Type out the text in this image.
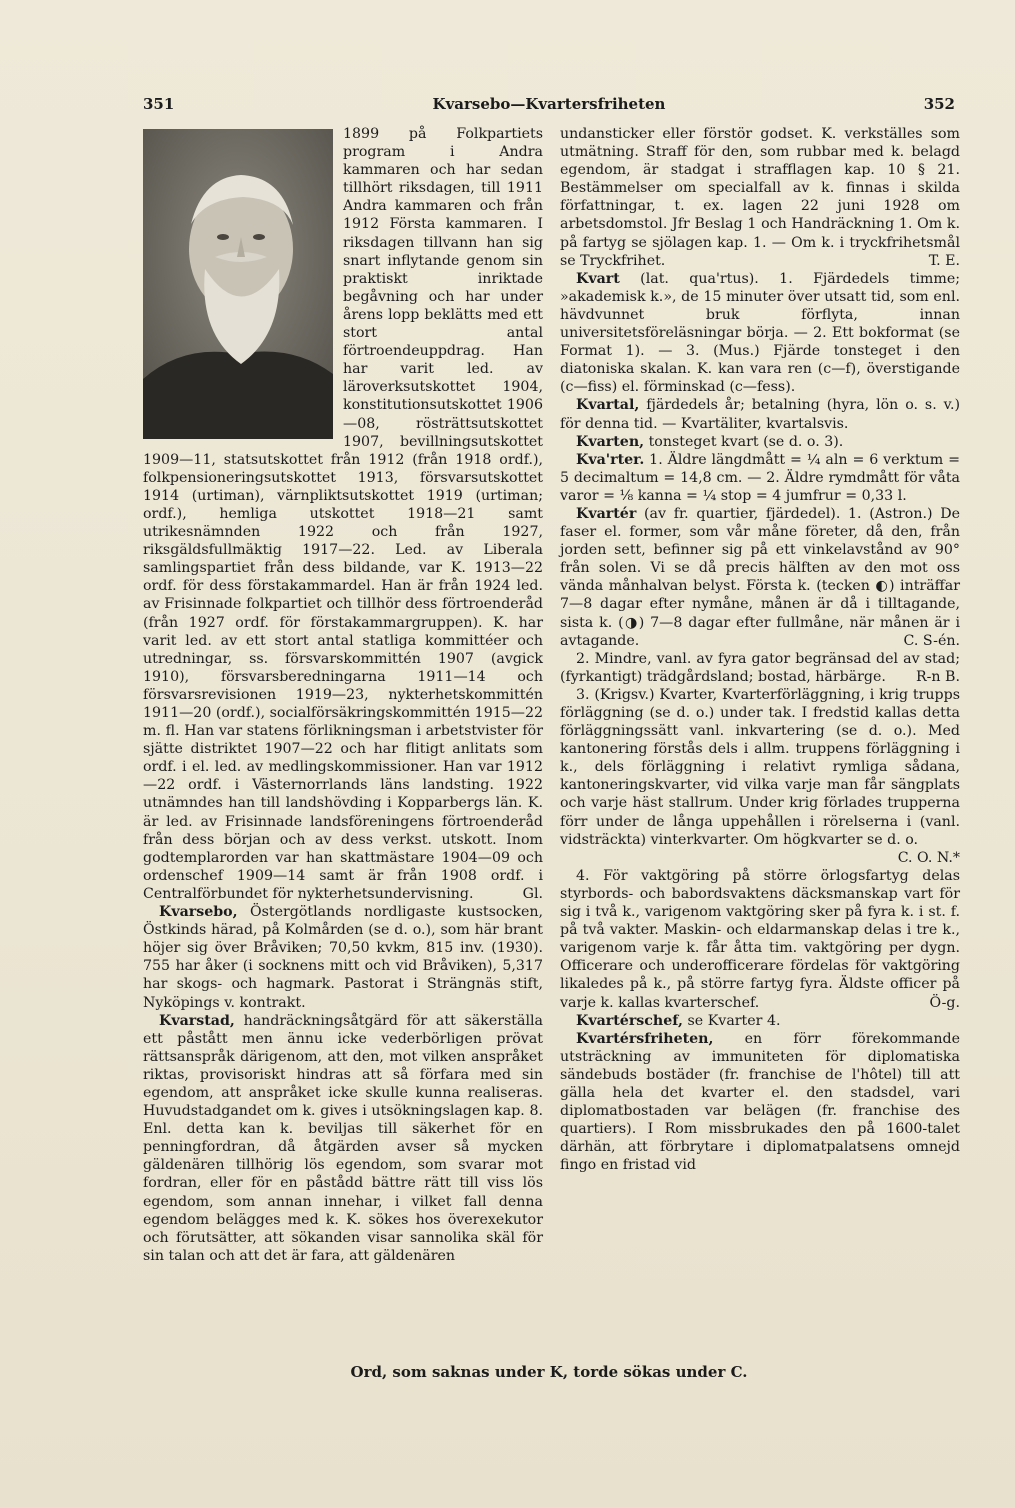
351	Kvarsebo—Kvartersfriheten	352

1899 på Folkpartiets program i Andra kammaren och har sedan tillhört riksdagen, till 1911 Andra kammaren och från 1912 Första kammaren. I riksdagen tillvann han sig snart inflytande genom sin praktiskt inriktade begåvning och har under årens lopp beklätts med ett stort antal förtroendeuppdrag. Han har varit led. av läroverksutskottet 1904, konstitutionsutskottet 1906—08, rösträttsutskottet 1907, bevillningsutskottet 1909—11, statsutskottet från 1912 (från 1918 ordf.), folkpensioneringsutskottet 1913, försvarsutskottet 1914 (urtiman), värnpliktsutskottet 1919 (urtiman; ordf.), hemliga utskottet 1918—21 samt utrikesnämnden 1922 och från 1927, riksgäldsfullmäktig 1917—22. Led. av Liberala samlingspartiet från dess bildande, var K. 1913—22 ordf. för dess förstakammardel. Han är från 1924 led. av Frisinnade folkpartiet och tillhör dess förtroenderåd (från 1927 ordf. för förstakammargruppen). K. har varit led. av ett stort antal statliga kommittéer och utredningar, ss. försvarskommittén 1907 (avgick 1910), försvarsberedningarna 1911—14 och försvarsrevisionen 1919—23, nykterhetskommittén 1911—20 (ordf.), socialförsäkringskommittén 1915—22 m. fl. Han var statens förlikningsman i arbetstvister för sjätte distriktet 1907—22 och har flitigt anlitats som ordf. i el. led. av medlingskommissioner. Han var 1912—22 ordf. i Västernorrlands läns landsting. 1922 utnämndes han till landshövding i Kopparbergs län. K. är led. av Frisinnade landsföreningens förtroenderåd från dess början och av dess verkst. utskott. Inom godtemplarorden var han skattmästare 1904—09 och ordenschef 1909—14 samt är från 1908 ordf. i Centralförbundet för nykterhetsundervisning.	Gl.

Kvarsebo, Östergötlands nordligaste kustsocken, Östkinds härad, på Kolmården (se d. o.), som här brant höjer sig över Bråviken; 70,50 kvkm, 815 inv. (1930). 755 har åker (i socknens mitt och vid Bråviken), 5,317 har skogs- och hagmark. Pastorat i Strängnäs stift, Nyköpings v. kontrakt.

Kvarstad, handräckningsåtgärd för att säkerställa ett påstått men ännu icke vederbörligen prövat rättsanspråk därigenom, att den, mot vilken anspråket riktas, provisoriskt hindras att så förfara med sin egendom, att anspråket icke skulle kunna realiseras. Huvudstadgandet om k. gives i utsökningslagen kap. 8. Enl. detta kan k. beviljas till säkerhet för en penningfordran, då åtgärden avser så mycken gäldenären tillhörig lös egendom, som svarar mot fordran, eller för en påstådd bättre rätt till viss lös egendom, som annan innehar, i vilket fall denna egendom belägges med k. K. sökes hos överexekutor och förutsätter, att sökanden visar sannolika skäl för sin talan och att det är fara, att gäldenären

undansticker eller förstör godset. K. verkställes som utmätning. Straff för den, som rubbar med k. belagd egendom, är stadgat i strafflagen kap. 10 § 21. Bestämmelser om specialfall av k. finnas i skilda författningar, t. ex. lagen 22 juni 1928 om arbetsdomstol. Jfr Beslag 1 och Handräckning 1. Om k. på fartyg se sjölagen kap. 1. — Om k. i tryckfrihetsmål se Tryckfrihet.	T. E.

Kvart (lat. qua'rtus). 1. Fjärdedels timme; »akademisk k.», de 15 minuter över utsatt tid, som enl. hävdvunnet bruk förflyta, innan universitetsföreläsningar börja. — 2. Ett bokformat (se Format 1). — 3. (Mus.) Fjärde tonsteget i den diatoniska skalan. K. kan vara ren (c—f), överstigande (c—fiss) el. förminskad (c—fess).

Kvartal, fjärdedels år; betalning (hyra, lön o. s. v.) för denna tid. — Kvartäliter, kvartalsvis.

Kvarten, tonsteget kvart (se d. o. 3).

Kva'rter. 1. Äldre längdmått = ¼ aln = 6 verktum = 5 decimaltum = 14,8 cm. — 2. Äldre rymdmått för våta varor = ⅛ kanna = ¼ stop = 4 jumfrur = 0,33 l.

Kvartér (av fr. quartier, fjärdedel). 1. (Astron.) De faser el. former, som vår måne företer, då den, från jorden sett, befinner sig på ett vinkelavstånd av 90° från solen. Vi se då precis hälften av den mot oss vända månhalvan belyst. Första k. (tecken ◐) inträffar 7—8 dagar efter nymåne, månen är då i tilltagande, sista k. (◑) 7—8 dagar efter fullmåne, när månen är i avtagande.	C. S-én.

2. Mindre, vanl. av fyra gator begränsad del av stad; (fyrkantigt) trädgårdsland; bostad, härbärge.	R-n B.

3. (Krigsv.) Kvarter, Kvarterförläggning, i krig trupps förläggning (se d. o.) under tak. I fredstid kallas detta förläggningssätt vanl. inkvartering (se d. o.). Med kantonering förstås dels i allm. truppens förläggning i k., dels förläggning i relativt rymliga sådana, kantoneringskvarter, vid vilka varje man får sängplats och varje häst stallrum. Under krig förlades trupperna förr under de långa uppehållen i rörelserna i (vanl. vidsträckta) vinterkvarter. Om högkvarter se d. o.
C. O. N.*

4. För vaktgöring på större örlogsfartyg delas styrbords- och babordsvaktens däcksmanskap vart för sig i två k., varigenom vaktgöring sker på fyra k. i st. f. på två vakter. Maskin- och eldarmanskap delas i tre k., varigenom varje k. får åtta tim. vaktgöring per dygn. Officerare och underofficerare fördelas för vaktgöring likaledes på k., på större fartyg fyra. Äldste officer på varje k. kallas kvarterschef.	Ö-g.

Kvartérschef, se Kvarter 4.

Kvartérsfriheten, en förr förekommande utsträckning av immuniteten för diplomatiska sändebuds bostäder (fr. franchise de l'hôtel) till att gälla hela det kvarter el. den stadsdel, vari diplomatbostaden var belägen (fr. franchise des quartiers). I Rom missbrukades den på 1600-talet därhän, att förbrytare i diplomatpalatsens omnejd fingo en fristad vid

Ord, som saknas under K, torde sökas under C.
